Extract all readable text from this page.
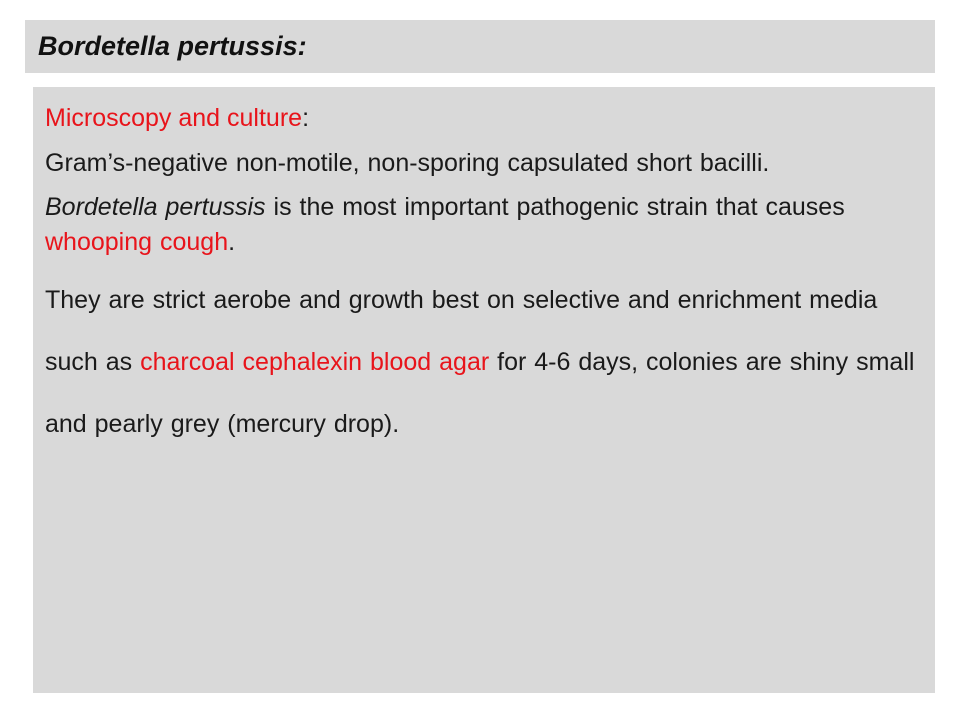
Bordetella pertussis:

Microscopy and culture:

Gram’s-negative non-motile, non-sporing capsulated short bacilli.

Bordetella pertussis is the most important pathogenic strain that causes whooping cough.

They are strict aerobe and growth best on selective and enrichment media such as charcoal cephalexin blood agar for 4-6 days, colonies are shiny small and pearly grey (mercury drop).
